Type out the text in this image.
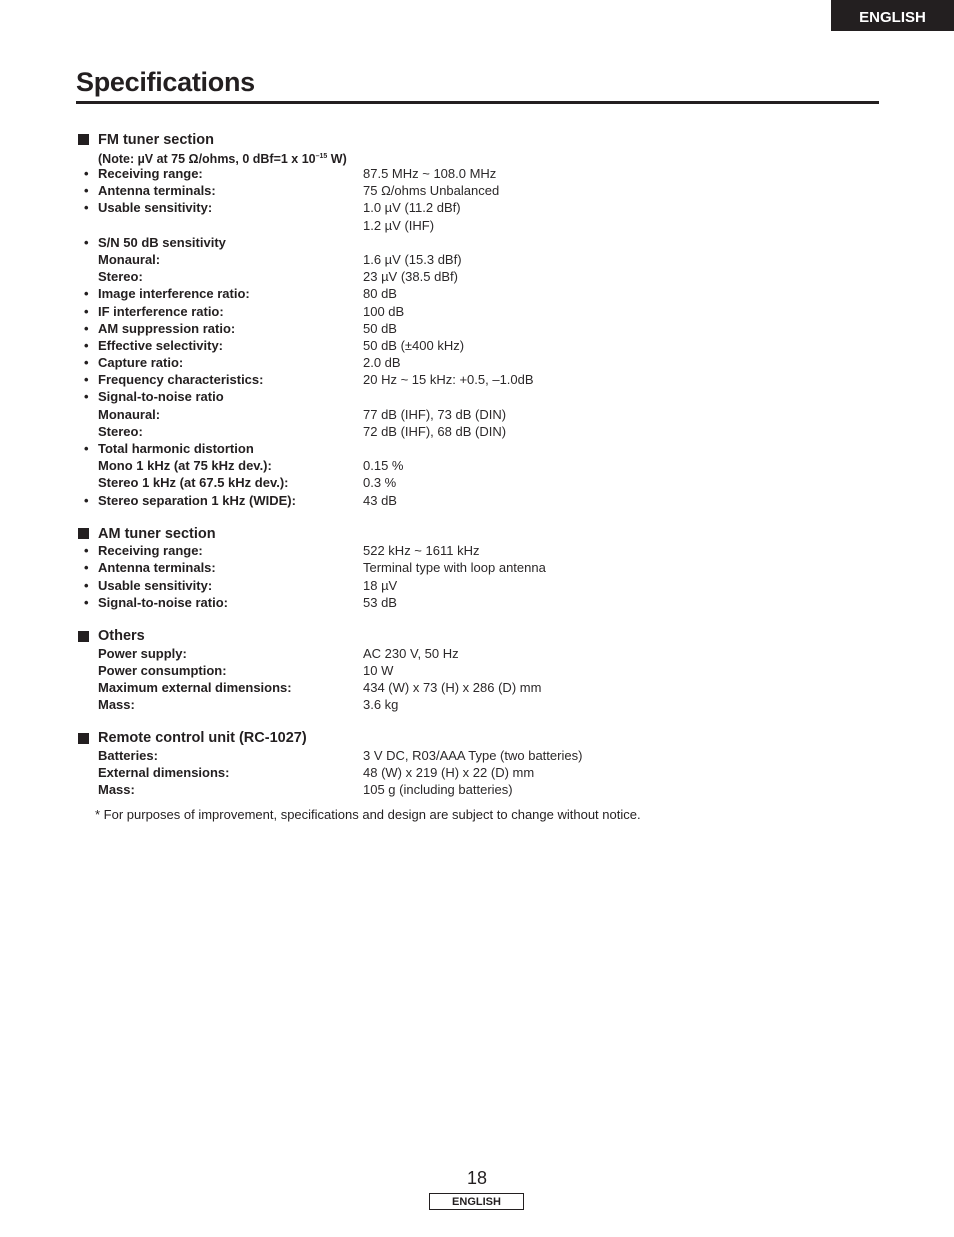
ENGLISH
Specifications
FM tuner section
(Note: µV at 75 Ω/ohms, 0 dBf=1 x $10^{-15}$ W)
• Receiving range:	87.5 MHz ~ 108.0 MHz
• Antenna terminals:	75 Ω/ohms Unbalanced
• Usable sensitivity:	1.0 µV (11.2 dBf)
1.2 µV (IHF)
• S/N 50 dB sensitivity
Monaural:	1.6 µV (15.3 dBf)
Stereo:	23 µV (38.5 dBf)
• Image interference ratio:	80 dB
• IF interference ratio:	100 dB
• AM suppression ratio:	50 dB
• Effective selectivity:	50 dB (±400 kHz)
• Capture ratio:	2.0 dB
• Frequency characteristics:	20 Hz ~ 15 kHz: +0.5, –1.0dB
• Signal-to-noise ratio
Monaural:	77 dB (IHF), 73 dB (DIN)
Stereo:	72 dB (IHF), 68 dB (DIN)
• Total harmonic distortion
Mono 1 kHz (at 75 kHz dev.):	0.15 %
Stereo 1 kHz (at 67.5 kHz dev.):	0.3 %
• Stereo separation 1 kHz (WIDE):	43 dB
AM tuner section
• Receiving range:	522 kHz ~ 1611 kHz
• Antenna terminals:	Terminal type with loop antenna
• Usable sensitivity:	18 µV
• Signal-to-noise ratio:	53 dB
Others
Power supply:	AC 230 V, 50 Hz
Power consumption:	10 W
Maximum external dimensions:	434 (W) x 73 (H) x 286 (D) mm
Mass:	3.6 kg
Remote control unit (RC-1027)
Batteries:	3 V DC, R03/AAA Type (two batteries)
External dimensions:	48 (W) x 219 (H) x 22 (D) mm
Mass:	105 g (including batteries)
* For purposes of improvement, specifications and design are subject to change without notice.
18
ENGLISH
